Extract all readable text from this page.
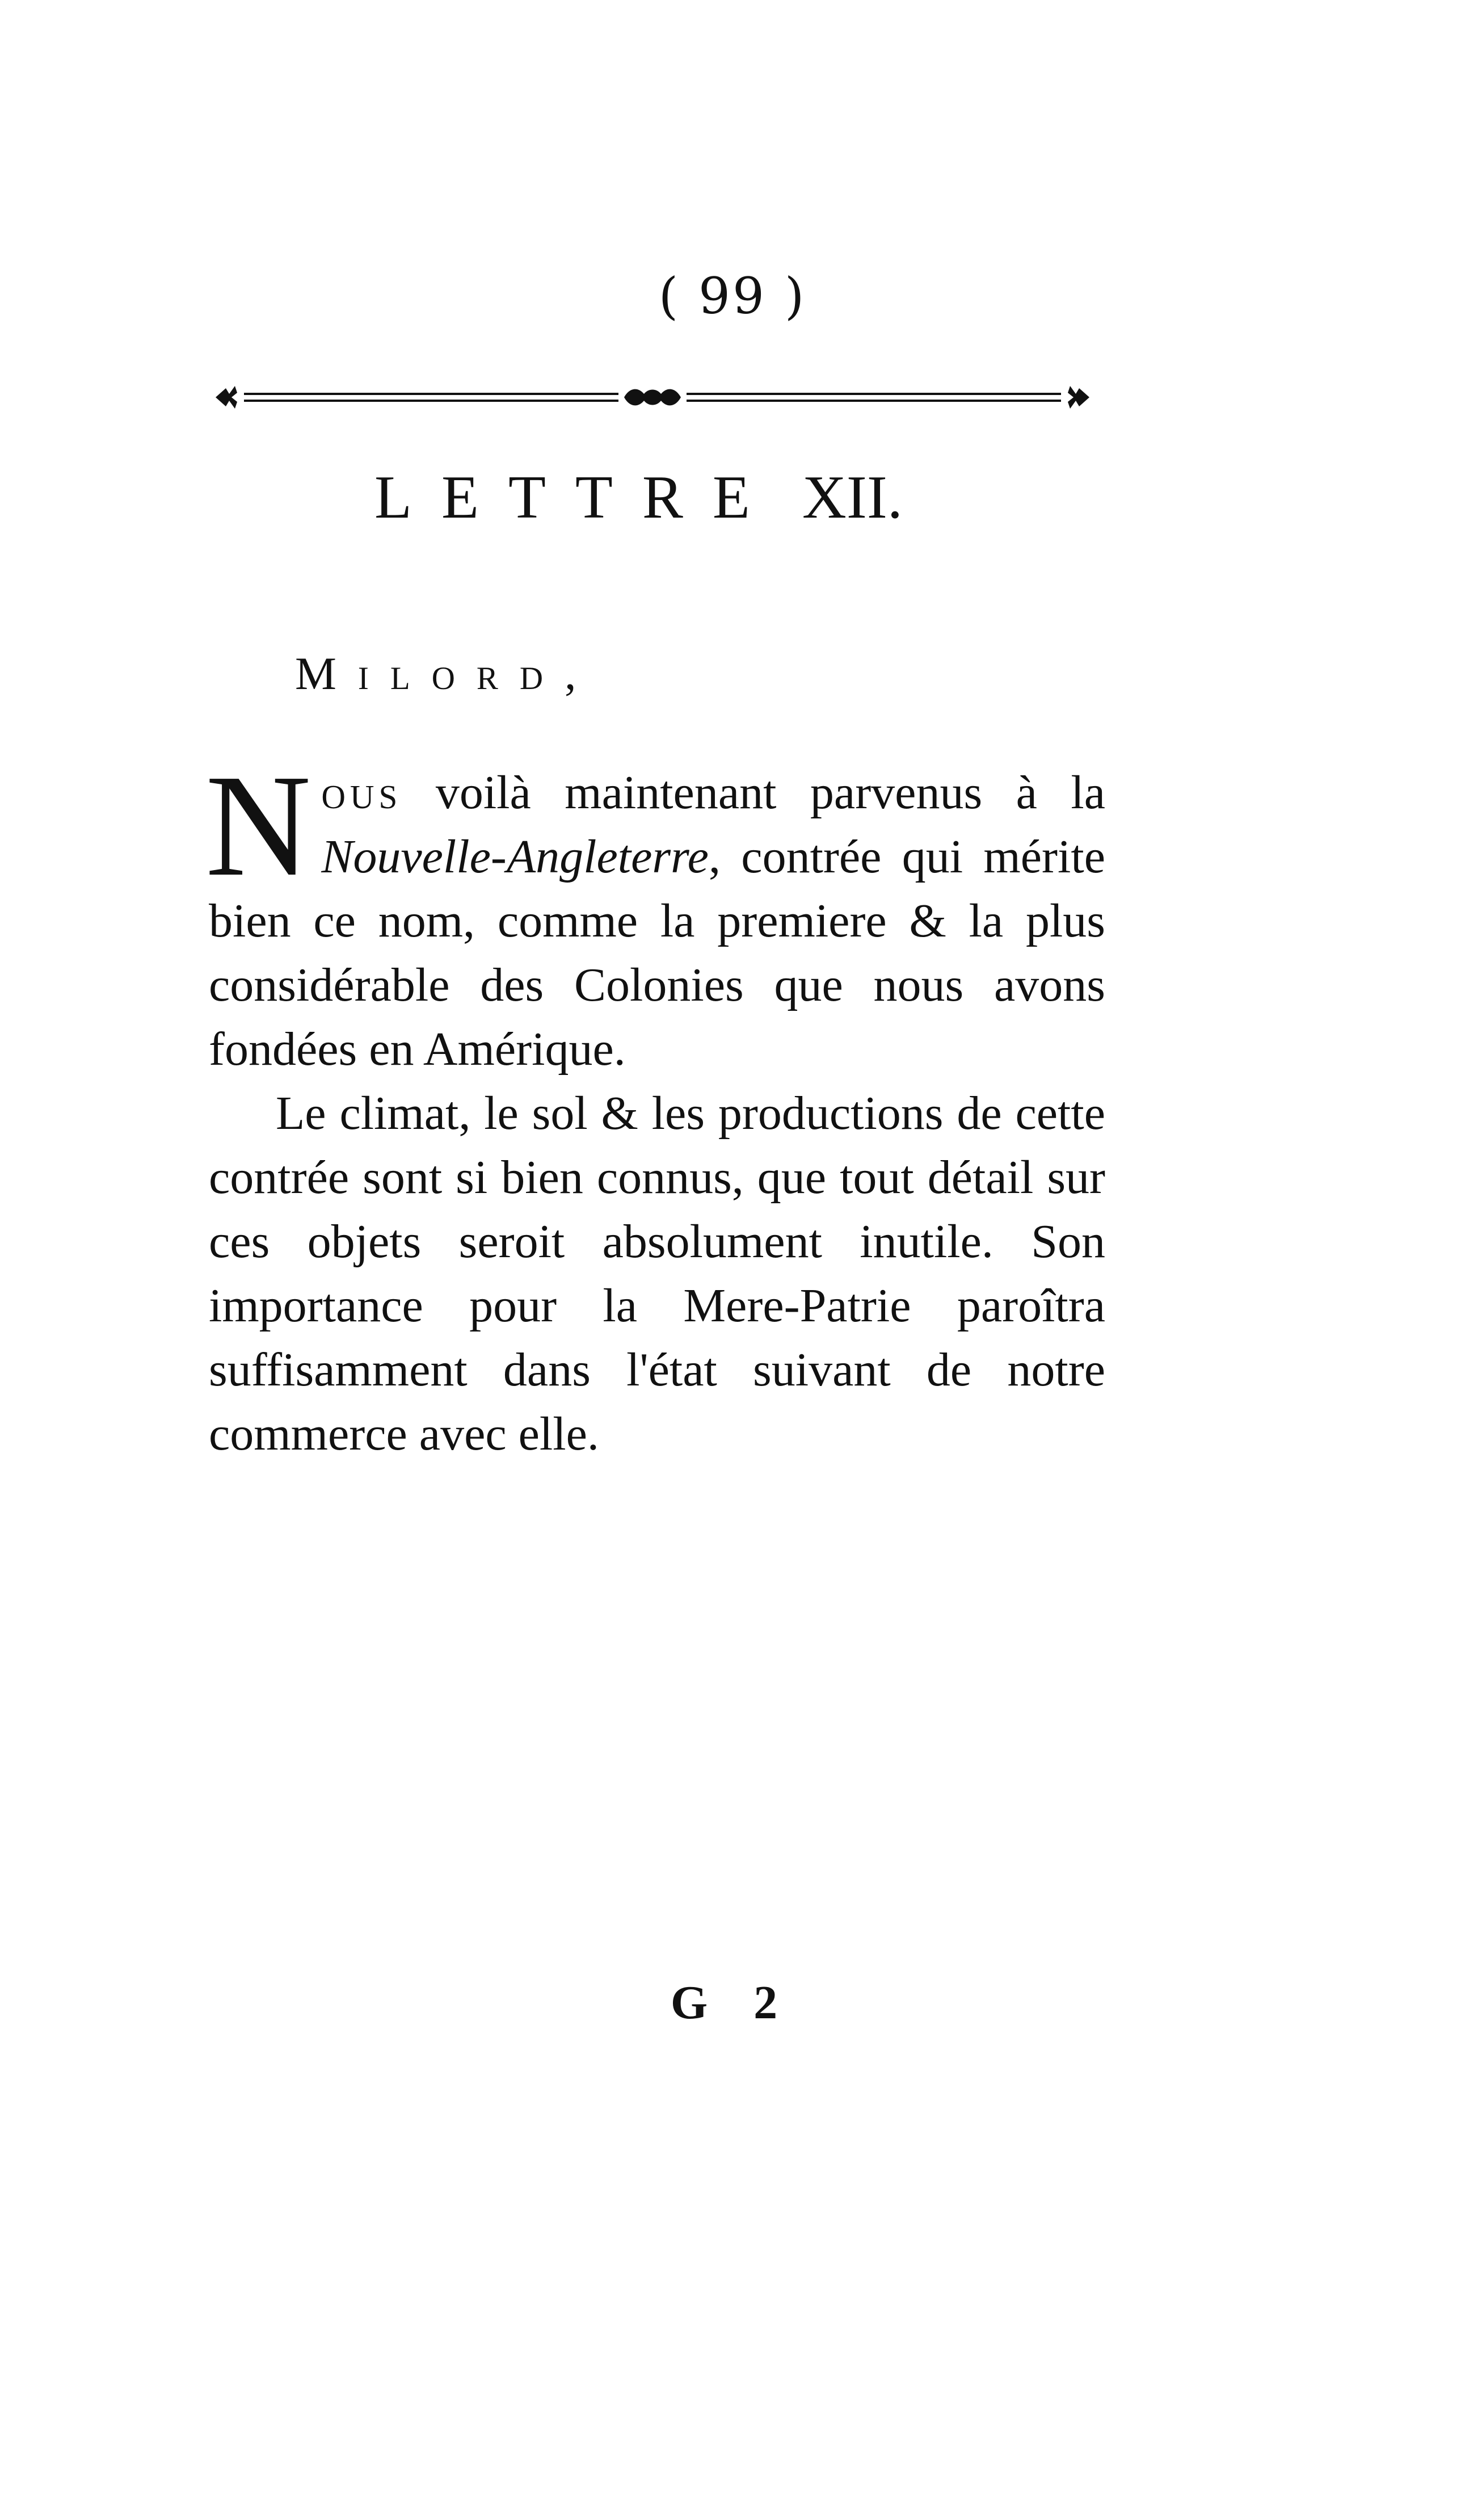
( 99 )
LETTRE XII.
Milord,

Nous voilà maintenant parvenus à la Nouvelle-Angleterre, contrée qui mérite bien ce nom, comme la premiere & la plus considérable des Colonies que nous avons fondées en Amérique.

Le climat, le sol & les productions de cette contrée sont si bien connus, que tout détail sur ces objets seroit absolument inutile. Son importance pour la Mere-Patrie paroîtra suffisamment dans l'état suivant de notre commerce avec elle.

G 2
